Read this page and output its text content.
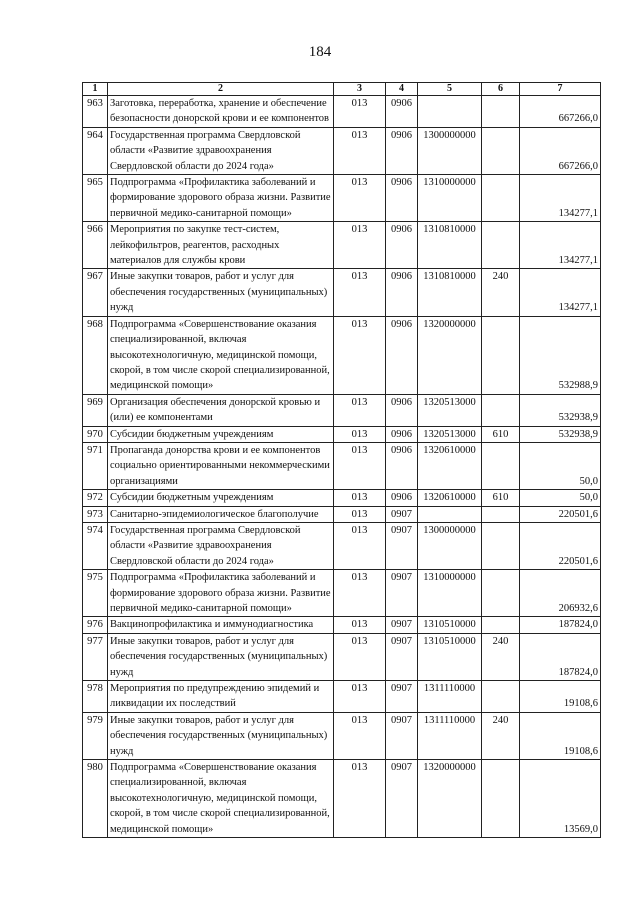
184
1	2	3	4	5	6	7
963	Заготовка, переработка, хранение и обеспечение безопасности донорской крови и ее компонентов	013	0906			667266,0
964	Государственная программа Свердловской области «Развитие здравоохранения Свердловской области до 2024 года»	013	0906	1300000000		667266,0
965	Подпрограмма «Профилактика заболеваний и формирование здорового образа жизни. Развитие первичной медико-санитарной помощи»	013	0906	1310000000		134277,1
966	Мероприятия по закупке тест-систем, лейкофильтров, реагентов, расходных материалов для службы крови	013	0906	1310810000		134277,1
967	Иные закупки товаров, работ и услуг для обеспечения государственных (муниципальных) нужд	013	0906	1310810000	240	134277,1
968	Подпрограмма «Совершенствование оказания специализированной, включая высокотехнологичную, медицинской помощи, скорой, в том числе скорой специализированной, медицинской помощи»	013	0906	1320000000		532988,9
969	Организация обеспечения донорской кровью и (или) ее компонентами	013	0906	1320513000		532938,9
970	Субсидии бюджетным учреждениям	013	0906	1320513000	610	532938,9
971	Пропаганда донорства крови и ее компонентов социально ориентированными некоммерческими организациями	013	0906	1320610000		50,0
972	Субсидии бюджетным учреждениям	013	0906	1320610000	610	50,0
973	Санитарно-эпидемиологическое благополучие	013	0907			220501,6
974	Государственная программа Свердловской области «Развитие здравоохранения Свердловской области до 2024 года»	013	0907	1300000000		220501,6
975	Подпрограмма «Профилактика заболеваний и формирование здорового образа жизни. Развитие первичной медико-санитарной помощи»	013	0907	1310000000		206932,6
976	Вакцинопрофилактика и иммунодиагностика	013	0907	1310510000		187824,0
977	Иные закупки товаров, работ и услуг для обеспечения государственных (муниципальных) нужд	013	0907	1310510000	240	187824,0
978	Мероприятия по предупреждению эпидемий и ликвидации их последствий	013	0907	1311110000		19108,6
979	Иные закупки товаров, работ и услуг для обеспечения государственных (муниципальных) нужд	013	0907	1311110000	240	19108,6
980	Подпрограмма «Совершенствование оказания специализированной, включая высокотехнологичную, медицинской помощи, скорой, в том числе скорой специализированной, медицинской помощи»	013	0907	1320000000		13569,0
